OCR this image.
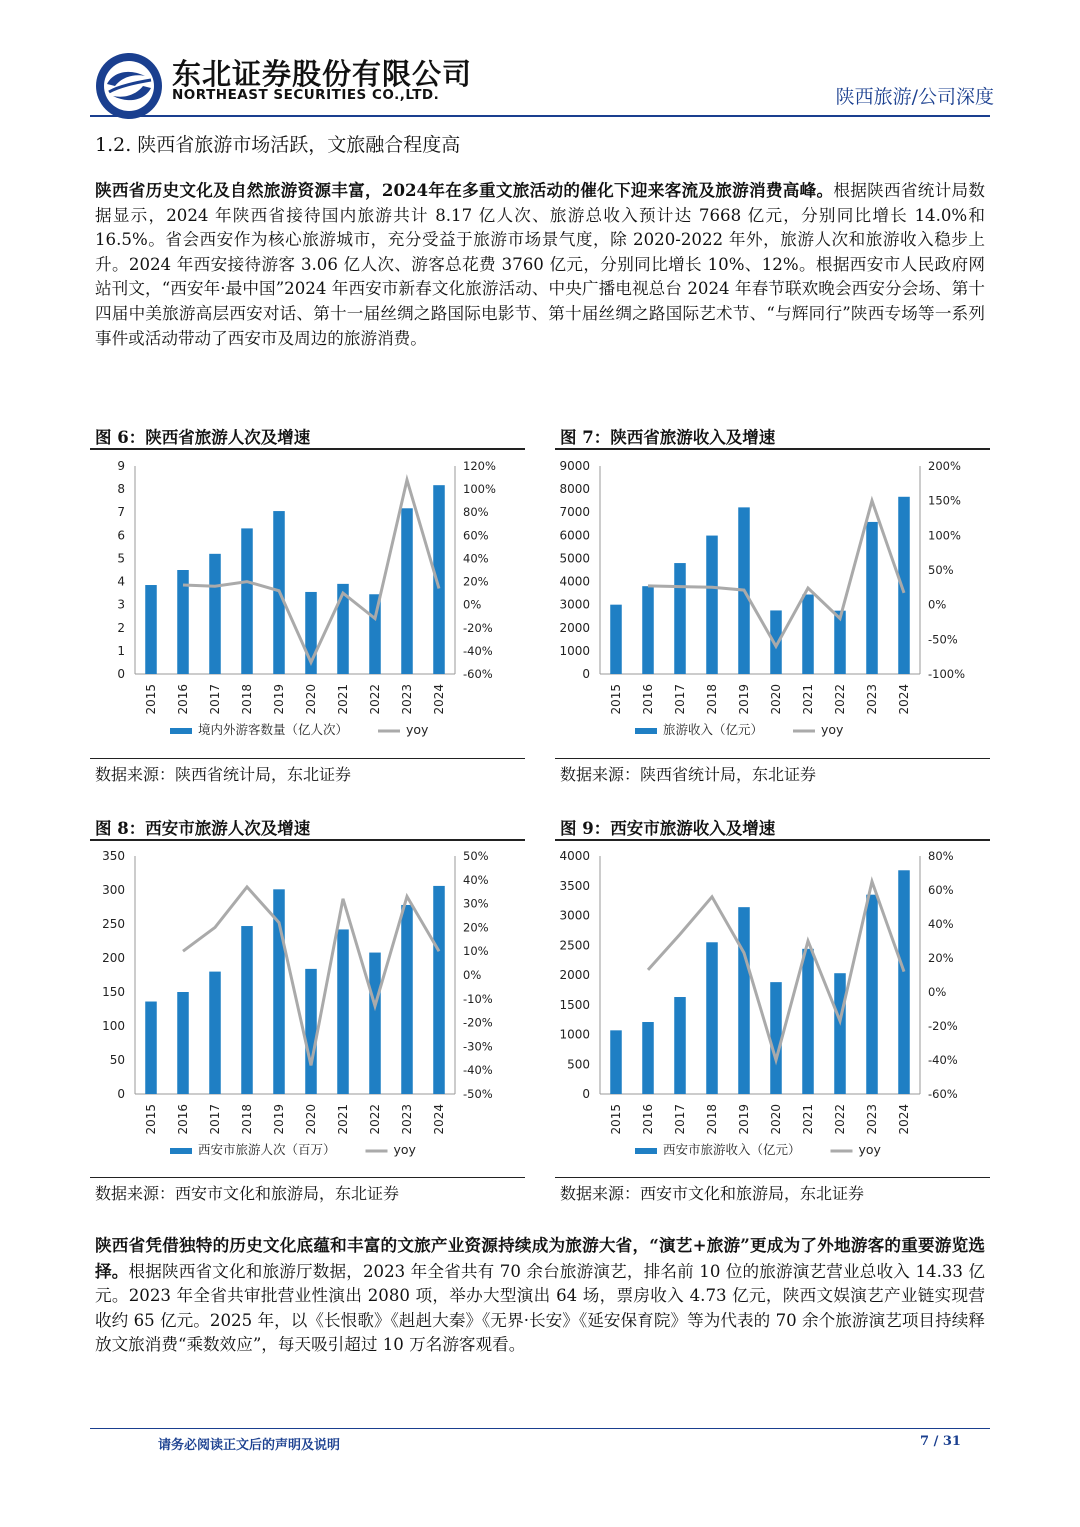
东北证券股份有限公司
NORTHEAST SECURITIES CO.,LTD.	陕西旅游/公司深度
1.2. 陕西省旅游市场活跃，文旅融合程度高

陕西省历史文化及自然旅游资源丰富，2024年在多重文旅活动的催化下迎来客流及旅游消费高峰。根据陕西省统计局数据显示，2024 年陕西省接待国内旅游共计 8.17 亿人次、旅游总收入预计达 7668 亿元，分别同比增长 14.0%和 16.5%。省会西安作为核心旅游城市，充分受益于旅游市场景气度，除 2020-2022 年外，旅游人次和旅游收入稳步上升。2024 年西安接待游客 3.06 亿人次、游客总花费 3760 亿元，分别同比增长 10%、12%。根据西安市人民政府网站刊文，“西安年·最中国”2024 年西安市新春文化旅游活动、中央广播电视总台 2024 年春节联欢晚会西安分会场、第十四届中美旅游高层西安对话、第十一届丝绸之路国际电影节、第十届丝绸之路国际艺术节、“与辉同行”陕西专场等一系列事件或活动带动了西安市及周边的旅游消费。

图 6：陕西省旅游人次及增速
0
1
2
3
4
5
6
7
8
9
-60%
-40%
-20%
0%
20%
40%
60%
80%
100%
120%
2015 2016 2017 2018 2019 2020 2021 2022 2023 2024
境内外游客数量（亿人次）	yoy
数据来源：陕西省统计局，东北证券
图 7：陕西省旅游收入及增速
0
1000
2000
3000
4000
5000
6000
7000
8000
9000
-100%
-50%
0%
50%
100%
150%
200%
2015 2016 2017 2018 2019 2020 2021 2022 2023 2024
旅游收入（亿元）	yoy
数据来源：陕西省统计局，东北证券
图 8：西安市旅游人次及增速
0
50
100
150
200
250
300
350
-50%
-40%
-30%
-20%
-10%
0%
10%
20%
30%
40%
50%
2015 2016 2017 2018 2019 2020 2021 2022 2023 2024
西安市旅游人次（百万）	yoy
数据来源：西安市文化和旅游局，东北证券
图 9：西安市旅游收入及增速
0
500
1000
1500
2000
2500
3000
3500
4000
-60%
-40%
-20%
0%
20%
40%
60%
80%
2015 2016 2017 2018 2019 2020 2021 2022 2023 2024
西安市旅游收入（亿元）	yoy
数据来源：西安市文化和旅游局，东北证券

陕西省凭借独特的历史文化底蕴和丰富的文旅产业资源持续成为旅游大省，“演艺+旅游”更成为了外地游客的重要游览选择。根据陕西省文化和旅游厅数据，2023 年全省共有 70 余台旅游演艺，排名前 10 位的旅游演艺营业总收入 14.33 亿元。2023 年全省共审批营业性演出 2080 项，举办大型演出 64 场，票房收入 4.73 亿元，陕西文娱演艺产业链实现营收约 65 亿元。2025 年，以《长恨歌》《赳赳大秦》《无界·长安》《延安保育院》等为代表的 70 余个旅游演艺项目持续释放文旅消费“乘数效应”，每天吸引超过 10 万名游客观看。

请务必阅读正文后的声明及说明	7 / 31
